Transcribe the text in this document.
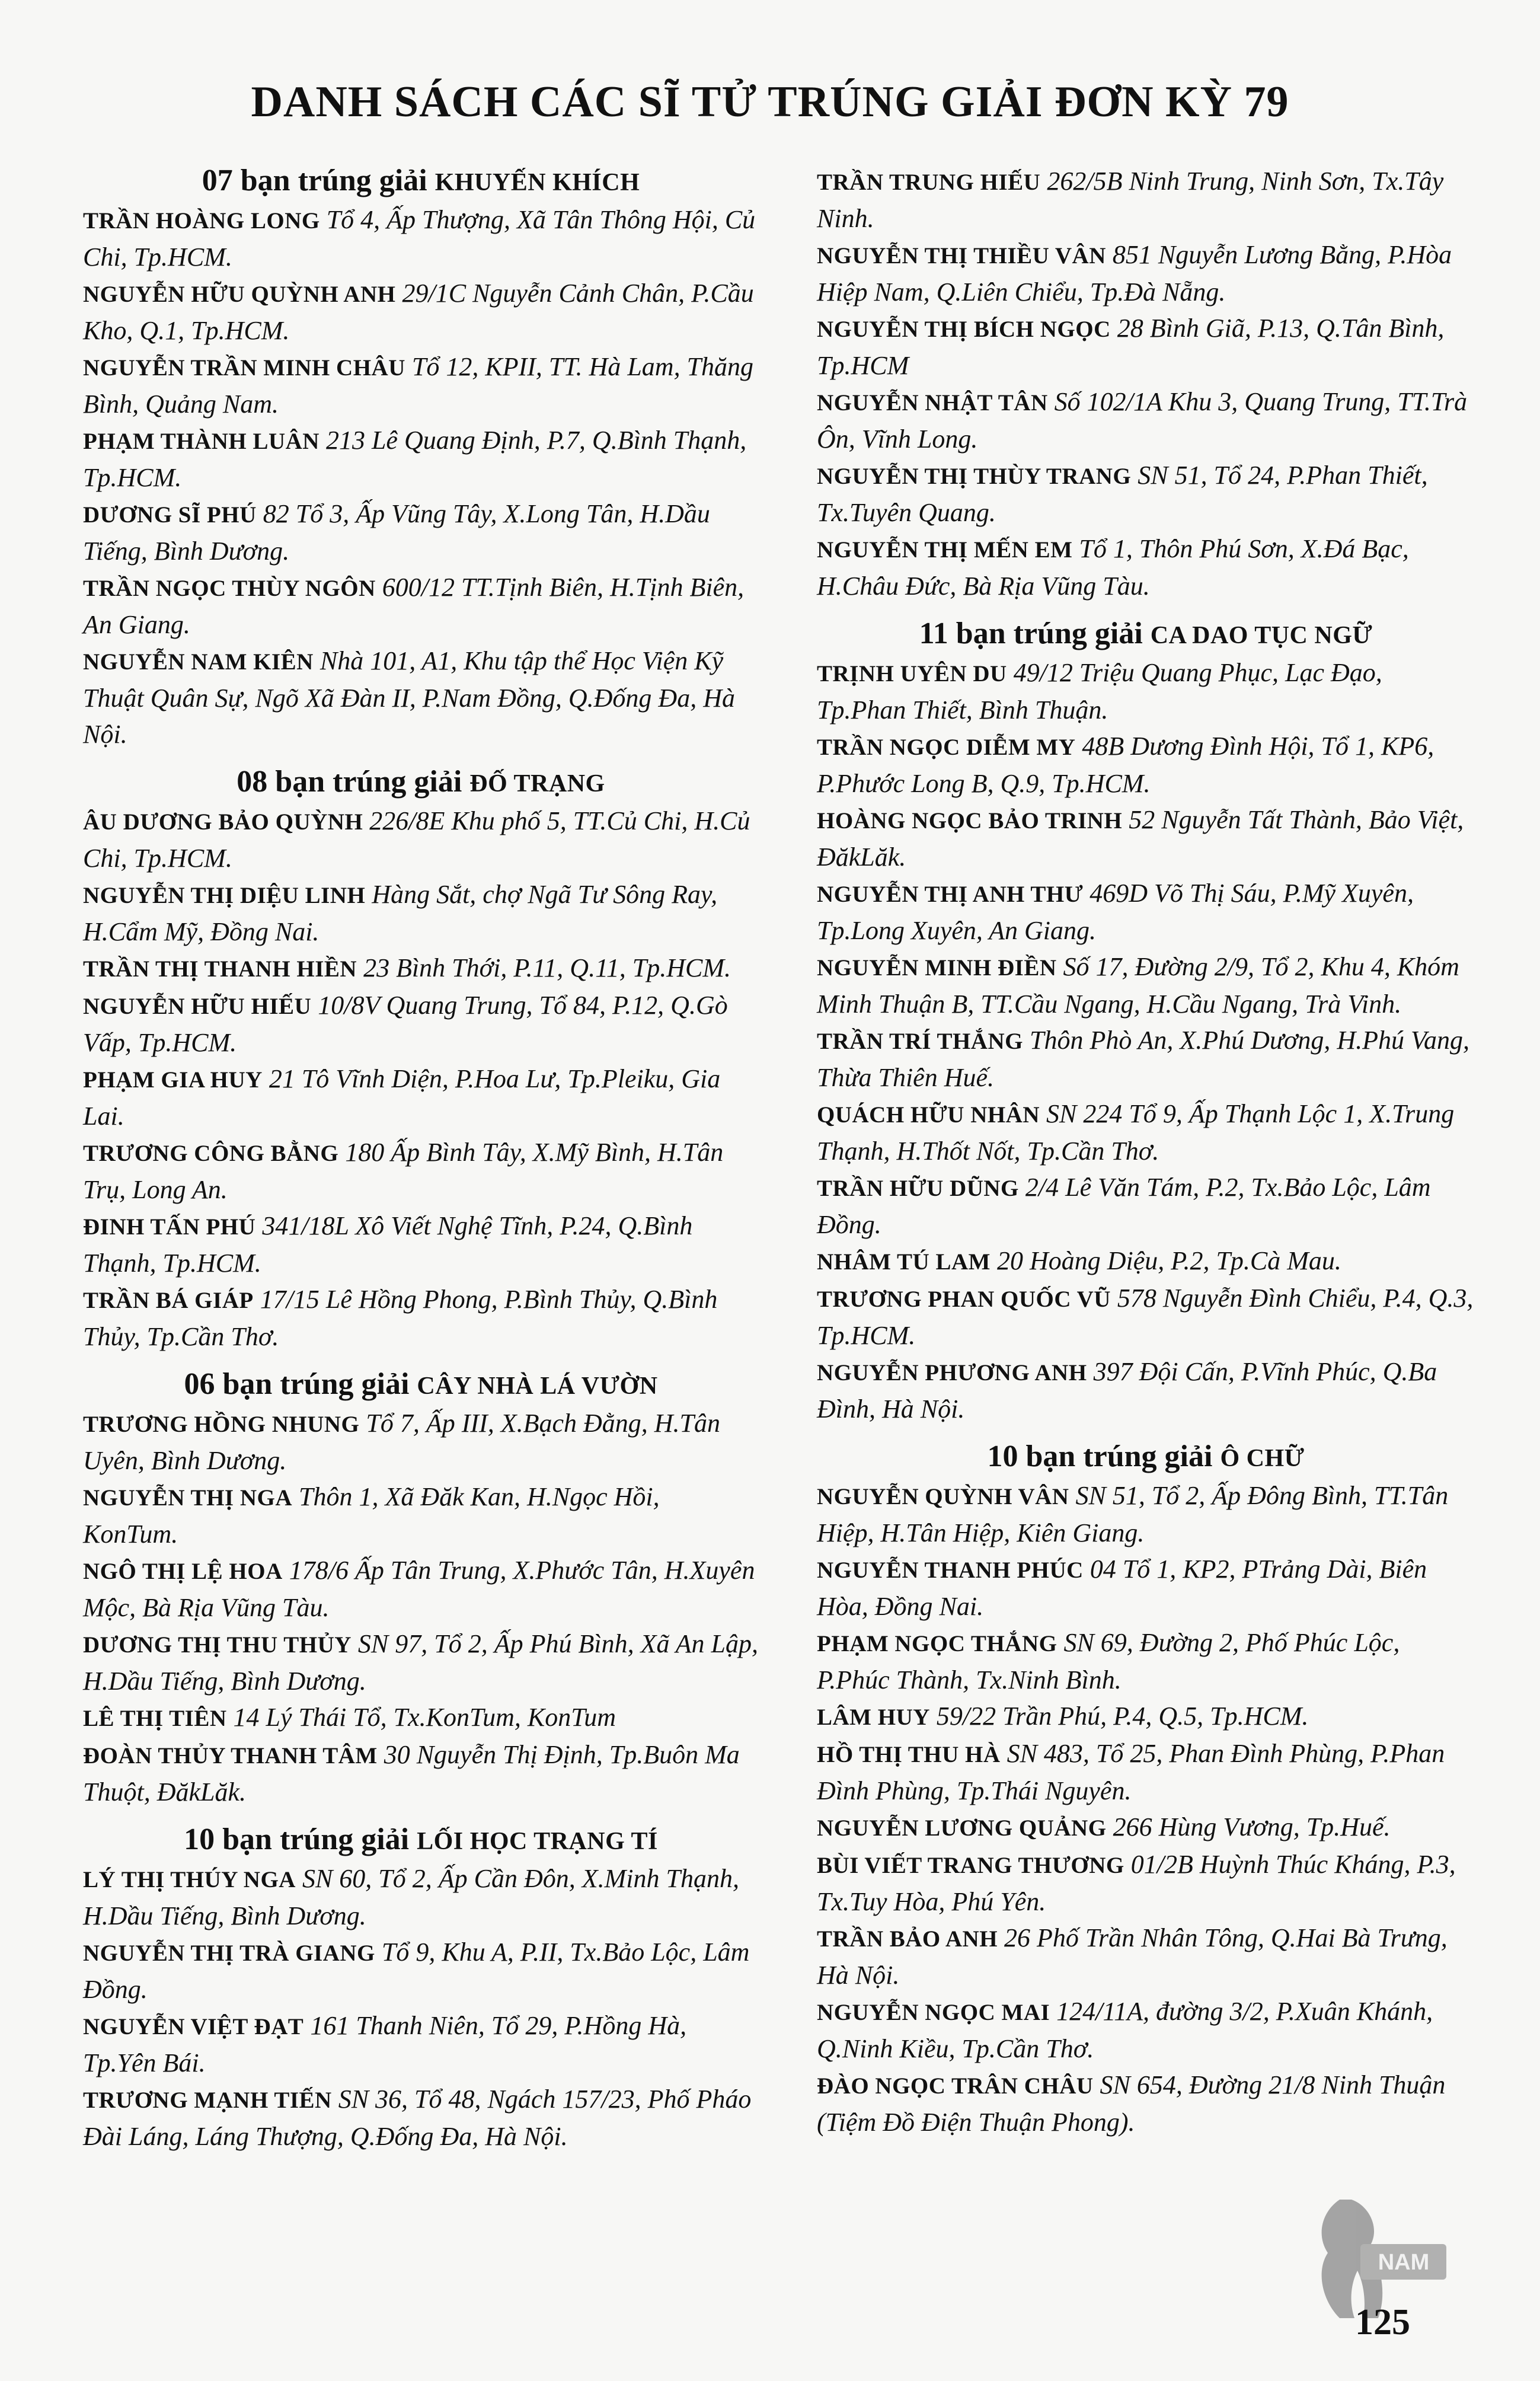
DANH SÁCH CÁC SĨ TỬ TRÚNG GIẢI ĐƠN KỲ 79
07 bạn trúng giải KHUYẾN KHÍCH

TRẦN HOÀNG LONG Tổ 4, Ấp Thượng, Xã Tân Thông Hội, Củ Chi, Tp.HCM.

NGUYỄN HỮU QUỲNH ANH 29/1C Nguyễn Cảnh Chân, P.Cầu Kho, Q.1, Tp.HCM.

NGUYỄN TRẦN MINH CHÂU Tổ 12, KPII, TT. Hà Lam, Thăng Bình, Quảng Nam.

PHẠM THÀNH LUÂN 213 Lê Quang Định, P.7, Q.Bình Thạnh, Tp.HCM.

DƯƠNG SĨ PHÚ 82 Tổ 3, Ấp Vũng Tây, X.Long Tân, H.Dầu Tiếng, Bình Dương.

TRẦN NGỌC THÙY NGÔN 600/12 TT.Tịnh Biên, H.Tịnh Biên, An Giang.

NGUYỄN NAM KIÊN Nhà 101, A1, Khu tập thể Học Viện Kỹ Thuật Quân Sự, Ngõ Xã Đàn II, P.Nam Đồng, Q.Đống Đa, Hà Nội.

08 bạn trúng giải ĐỐ TRẠNG

ÂU DƯƠNG BẢO QUỲNH 226/8E Khu phố 5, TT.Củ Chi, H.Củ Chi, Tp.HCM.

NGUYỄN THỊ DIỆU LINH Hàng Sắt, chợ Ngã Tư Sông Ray, H.Cẩm Mỹ, Đồng Nai.

TRẦN THỊ THANH HIỀN 23 Bình Thới, P.11, Q.11, Tp.HCM.

NGUYỄN HỮU HIẾU 10/8V Quang Trung, Tổ 84, P.12, Q.Gò Vấp, Tp.HCM.

PHẠM GIA HUY 21 Tô Vĩnh Diện, P.Hoa Lư, Tp.Pleiku, Gia Lai.

TRƯƠNG CÔNG BẰNG 180 Ấp Bình Tây, X.Mỹ Bình, H.Tân Trụ, Long An.

ĐINH TẤN PHÚ 341/18L Xô Viết Nghệ Tĩnh, P.24, Q.Bình Thạnh, Tp.HCM.

TRẦN BÁ GIÁP 17/15 Lê Hồng Phong, P.Bình Thủy, Q.Bình Thủy, Tp.Cần Thơ.

06 bạn trúng giải CÂY NHÀ LÁ VƯỜN

TRƯƠNG HỒNG NHUNG Tổ 7, Ấp III, X.Bạch Đằng, H.Tân Uyên, Bình Dương.

NGUYỄN THỊ NGA Thôn 1, Xã Đăk Kan, H.Ngọc Hồi, KonTum.

NGÔ THỊ LỆ HOA 178/6 Ấp Tân Trung, X.Phước Tân, H.Xuyên Mộc, Bà Rịa Vũng Tàu.

DƯƠNG THỊ THU THỦY SN 97, Tổ 2, Ấp Phú Bình, Xã An Lập, H.Dầu Tiếng, Bình Dương.

LÊ THỊ TIÊN 14 Lý Thái Tổ, Tx.KonTum, KonTum

ĐOÀN THỦY THANH TÂM 30 Nguyễn Thị Định, Tp.Buôn Ma Thuột, ĐăkLăk.

10 bạn trúng giải LỐI HỌC TRẠNG TÍ

LÝ THỊ THÚY NGA SN 60, Tổ 2, Ấp Cần Đôn, X.Minh Thạnh, H.Dầu Tiếng, Bình Dương.

NGUYỄN THỊ TRÀ GIANG Tổ 9, Khu A, P.II, Tx.Bảo Lộc, Lâm Đồng.

NGUYỄN VIỆT ĐẠT 161 Thanh Niên, Tổ 29, P.Hồng Hà, Tp.Yên Bái.

TRƯƠNG MẠNH TIẾN SN 36, Tổ 48, Ngách 157/23, Phố Pháo Đài Láng, Láng Thượng, Q.Đống Đa, Hà Nội.

TRẦN TRUNG HIẾU 262/5B Ninh Trung, Ninh Sơn, Tx.Tây Ninh.

NGUYỄN THỊ THIỀU VÂN 851 Nguyễn Lương Bằng, P.Hòa Hiệp Nam, Q.Liên Chiểu, Tp.Đà Nẵng.

NGUYỄN THỊ BÍCH NGỌC 28 Bình Giã, P.13, Q.Tân Bình, Tp.HCM

NGUYỄN NHẬT TÂN Số 102/1A Khu 3, Quang Trung, TT.Trà Ôn, Vĩnh Long.

NGUYỄN THỊ THÙY TRANG SN 51, Tổ 24, P.Phan Thiết, Tx.Tuyên Quang.

NGUYỄN THỊ MẾN EM Tổ 1, Thôn Phú Sơn, X.Đá Bạc, H.Châu Đức, Bà Rịa Vũng Tàu.

11 bạn trúng giải CA DAO TỤC NGỮ

TRỊNH UYÊN DU 49/12 Triệu Quang Phục, Lạc Đạo, Tp.Phan Thiết, Bình Thuận.

TRẦN NGỌC DIỄM MY 48B Dương Đình Hội, Tổ 1, KP6, P.Phước Long B, Q.9, Tp.HCM.

HOÀNG NGỌC BẢO TRINH 52 Nguyễn Tất Thành, Bảo Việt, ĐăkLăk.

NGUYỄN THỊ ANH THƯ 469D Võ Thị Sáu, P.Mỹ Xuyên, Tp.Long Xuyên, An Giang.

NGUYỄN MINH ĐIỀN Số 17, Đường 2/9, Tổ 2, Khu 4, Khóm Minh Thuận B, TT.Cầu Ngang, H.Cầu Ngang, Trà Vinh.

TRẦN TRÍ THẮNG Thôn Phò An, X.Phú Dương, H.Phú Vang, Thừa Thiên Huế.

QUÁCH HỮU NHÂN SN 224 Tổ 9, Ấp Thạnh Lộc 1, X.Trung Thạnh, H.Thốt Nốt, Tp.Cần Thơ.

TRẦN HỮU DŨNG 2/4 Lê Văn Tám, P.2, Tx.Bảo Lộc, Lâm Đồng.

NHÂM TÚ LAM 20 Hoàng Diệu, P.2, Tp.Cà Mau.

TRƯƠNG PHAN QUỐC VŨ 578 Nguyễn Đình Chiểu, P.4, Q.3, Tp.HCM.

NGUYỄN PHƯƠNG ANH 397 Đội Cấn, P.Vĩnh Phúc, Q.Ba Đình, Hà Nội.

10 bạn trúng giải Ô CHỮ

NGUYỄN QUỲNH VÂN SN 51, Tổ 2, Ấp Đông Bình, TT.Tân Hiệp, H.Tân Hiệp, Kiên Giang.

NGUYỄN THANH PHÚC 04 Tổ 1, KP2, PTrảng Dài, Biên Hòa, Đồng Nai.

PHẠM NGỌC THẮNG SN 69, Đường 2, Phố Phúc Lộc, P.Phúc Thành, Tx.Ninh Bình.

LÂM HUY 59/22 Trần Phú, P.4, Q.5, Tp.HCM.

HỒ THỊ THU HÀ SN 483, Tổ 25, Phan Đình Phùng, P.Phan Đình Phùng, Tp.Thái Nguyên.

NGUYỄN LƯƠNG QUẢNG 266 Hùng Vương, Tp.Huế.

BÙI VIẾT TRANG THƯƠNG 01/2B Huỳnh Thúc Kháng, P.3, Tx.Tuy Hòa, Phú Yên.

TRẦN BẢO ANH 26 Phố Trần Nhân Tông, Q.Hai Bà Trưng, Hà Nội.

NGUYỄN NGỌC MAI 124/11A, đường 3/2, P.Xuân Khánh, Q.Ninh Kiều, Tp.Cần Thơ.

ĐÀO NGỌC TRÂN CHÂU SN 654, Đường 21/8 Ninh Thuận (Tiệm Đồ Điện Thuận Phong).

NAM
125
